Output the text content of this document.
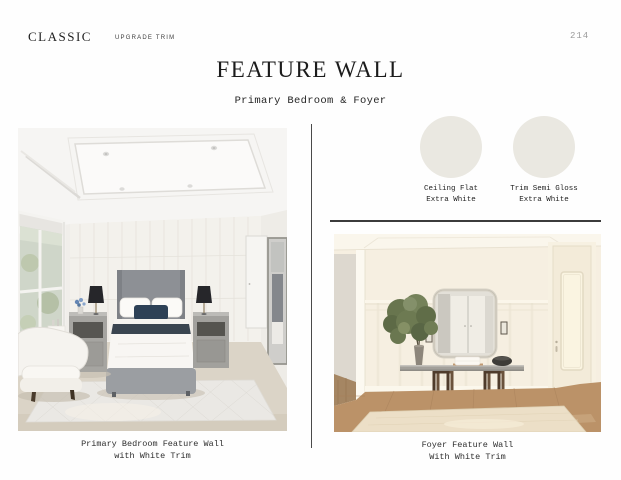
CLASSIC	UPGRADE TRIM	214
FEATURE WALL
Primary Bedroom & Foyer
Ceiling Flat
Extra White
Trim Semi Gloss
Extra White
Primary Bedroom Feature Wall
with White Trim
Foyer Feature Wall
With White Trim
